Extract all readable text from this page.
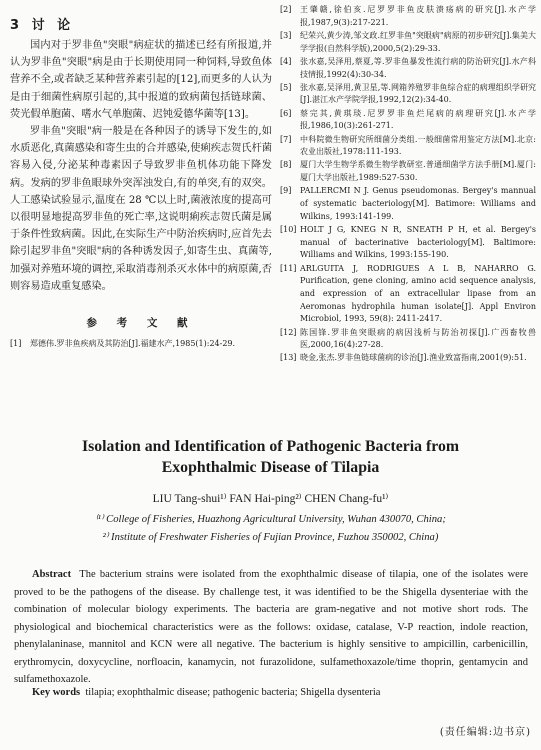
3 讨 论

国内对于罗非鱼"突眼"病症状的描述已经有所报道,并认为罗非鱼"突眼"病是由于长期使用同一种饲料,导致鱼体营养不全,或者缺乏某种营养素引起的[12],而更多的人认为是由于细菌性病原引起的,其中报道的致病菌包括链球菌、荧光假单胞菌、嗜水气单胞菌、迟钝爱德华菌等[13]。

罗非鱼"突眼"病一般是在各种因子的诱导下发生的,如水质恶化,真菌感染和寄生虫的合并感染,使痢疾志贺氏杆菌容易入侵,分泌某种毒素因子导致罗非鱼机体功能下降发病。发病的罗非鱼眼球外突浑浊发白,有的单突,有的双突。人工感染试验显示,温度在 28 ℃以上时,菌液浓度的提高可以很明显地提高罗非鱼的死亡率,这说明痢疾志贺氏菌是属于条件性致病菌。因此,在实际生产中防治疾病时,应首先去除引起罗非鱼"突眼"病的各种诱发因子,如寄生虫、真菌等,加强对养殖环境的调控,采取消毒剂杀灭水体中的病原菌,否则容易造成重复感染。

参 考 文 献
[1]	郑德伟.罗非鱼疾病及其防治[J].福建水产,1985(1):24-29.
[2]	王肇赣,徐伯亥.尼罗罗非鱼皮肤溃疡病的研究[J].水产学报,1987,9(3):217-221.
[3]	纪荣兴,黄少涛,邹文政.红罗非鱼"突眼病"病原的初步研究[J].集美大学学报(自然科学版),2000,5(2):29-33.
[4]	张水嘉,吴泽用,蔡夏,等.罗非鱼暴发性流行病的防治研究[J].水产科技情报,1992(4):30-34.
[5]	张水嘉,吴泽用,黄卫星,等.网箱养殖罗非鱼综合症的病理组织学研究[J].湛江水产学院学报,1992,12(2):34-40.
[6]	蔡完其,黄琪琰.尼罗罗非鱼烂尾病的病理研究[J].水产学报,1986,10(3):261-271.
[7]	中科院微生物研究所细菌分类组.一般细菌常用鉴定方法[M].北京:农业出版社,1978:111-193.
[8]	厦门大学生物学系微生物学教研室.普通细菌学方法手册[M].厦门:厦门大学出版社,1989:527-530.
[9]	PALLERCMI N J. Genus pseudomonas. Bergey's mannual of systematic bacteriology[M]. Batimore: Williams and Wilkins, 1993:141-199.
[10] HOLT J G, KNEG N R, SNEATH P H, et al. Bergey's manual of bacterinative bacteriology[M]. Baltimore: Williams and Wilkins, 1993:155-190.
[11] ARLGUITA J, RODRIGUES A L B, NAHARRO G. Purification, gene cloning, amino acid sequence analysis, and expression of an extracellular lipase from an Aeromonas hydrophila human isolate[J]. Appl Environ Microbiol, 1993, 59(8): 2411-2417.
[12] 陈国锋.罗非鱼突眼病的病因浅析与防治初探[J].广西畜牧兽医,2000,16(4):27-28.
[13] 晓金,张杰.罗非鱼链球菌病的诊治[J].渔业致富指南,2001(9):51.
Isolation and Identification of Pathogenic Bacteria from
Exophthalmic Disease of Tilapia
LIU Tang-shui¹⁾ FAN Hai-ping²⁾ CHEN Chang-fu¹⁾
⁽¹⁾ College of Fisheries, Huazhong Agricultural University, Wuhan 430070, China;
²⁾ Institute of Freshwater Fisheries of Fujian Province, Fuzhou 350002, China)

Abstract The bacterium strains were isolated from the exophthalmic disease of tilapia, one of the isolates were proved to be the pathogens of the disease. By challenge test, it was identified to be the Shigella dysenteriae with the combination of molecular biology experiments. The bacteria are gram-negative and not motive short rods. The physiological and biochemical characteristics were as the follows: oxidase, catalase, V-P reaction, indole reaction, phenylalaninase, mannitol and KCN were all negative. The bacterium is highly sensitive to ampicillin, carbenicillin, erythromycin, doxycycline, norfloacin, kanamycin, not furazolidone, sulfamethoxazole/time thoprin, gentamycin and sulfamethoxazole.

Key words tilapia; exophthalmic disease; pathogenic bacteria; Shigella dysenteria
(责任编辑:边书京)
